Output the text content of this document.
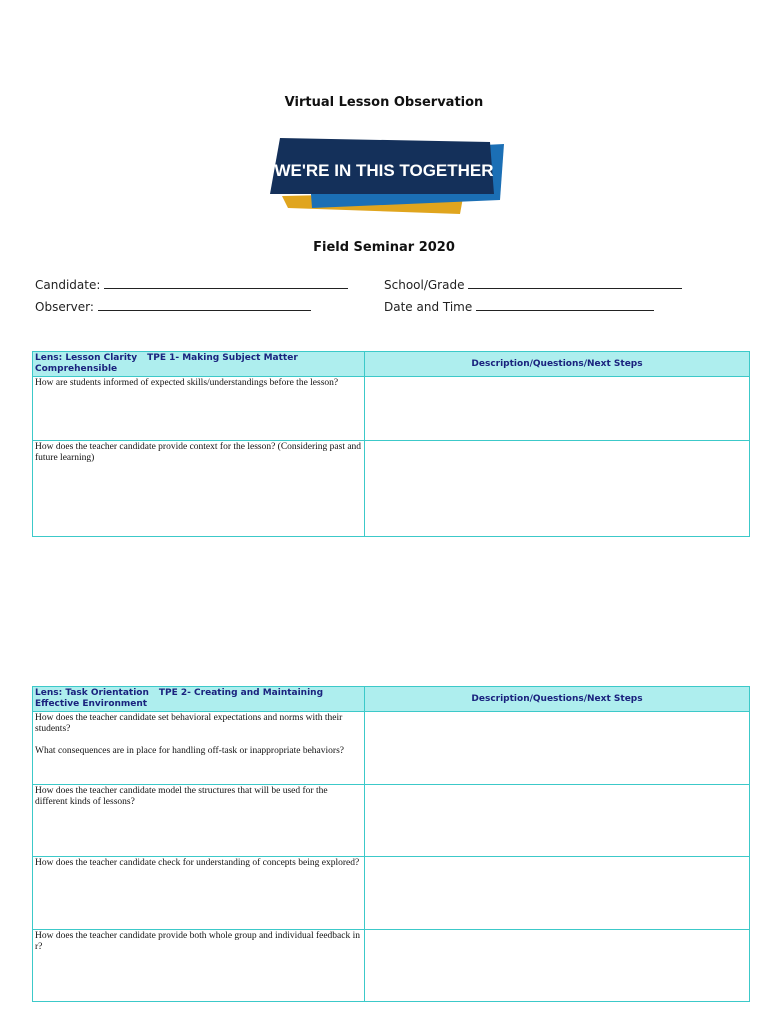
Virtual Lesson Observation
WE'RE IN THIS TOGETHER
Field Seminar 2020
Candidate:
Observer:
School/Grade
Date and Time
Lens: Lesson Clarity TPE 1- Making Subject Matter Comprehensible	Description/Questions/Next Steps
How are students informed of expected skills/understandings before the lesson?	
How does the teacher candidate provide context for the lesson? (Considering past and future learning)	
Lens: Task Orientation TPE 2- Creating and Maintaining Effective Environment	Description/Questions/Next Steps

How does the teacher candidate set behavioral expectations and norms with their students?
What consequences are in place for handling off-task or inappropriate behaviors?	

How does the teacher candidate model the structures that will be used for the different kinds of lessons?	
How does the teacher candidate check for understanding of concepts being explored?	
How does the teacher candidate provide both whole group and individual feedback in r?	
